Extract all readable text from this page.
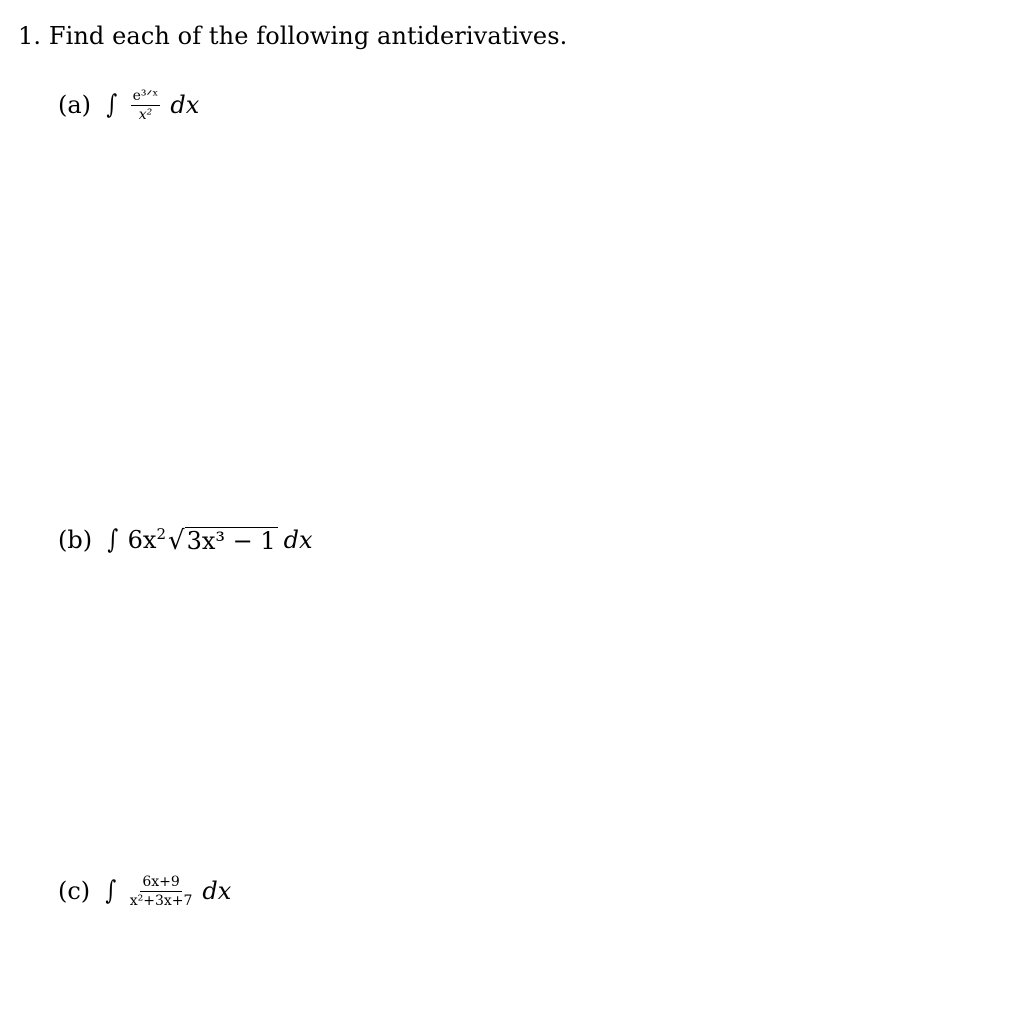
1. Find each of the following antiderivatives.
(a) ∫ $\frac{\text{e³ᐟˣ}}{\text{x²}}$ dx
(b) ∫ $6x^2$ √ 3x³ − 1 dx
(c) ∫ $\frac{6x+9}{\text{x²+3x+7}}$ dx
